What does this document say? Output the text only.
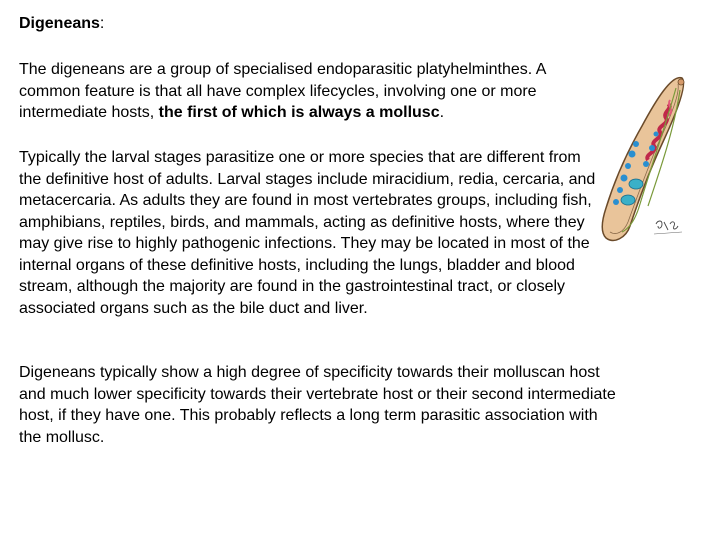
Digeneans:

The digeneans are a group of specialised endoparasitic platyhelminthes. A common feature is that all have complex lifecycles, involving one or more intermediate hosts, the first of which is always a mollusc.

Typically the larval stages parasitize one or more species that are different from the definitive host of adults. Larval stages include miracidium, redia, cercaria, and metacercaria. As adults they are found in most vertebrates groups, including fish, amphibians, reptiles, birds, and mammals, acting as definitive hosts, where they may give rise to highly pathogenic infections. They may be located in most of the internal organs of these definitive hosts, including the lungs, bladder and blood stream, although the majority are found in the gastrointestinal tract, or closely associated organs such as the bile duct and liver.

Digeneans typically show a high degree of specificity towards their molluscan host and much lower specificity towards their vertebrate host or their second intermediate host, if they have one. This probably reflects a long term parasitic association with the mollusc.
